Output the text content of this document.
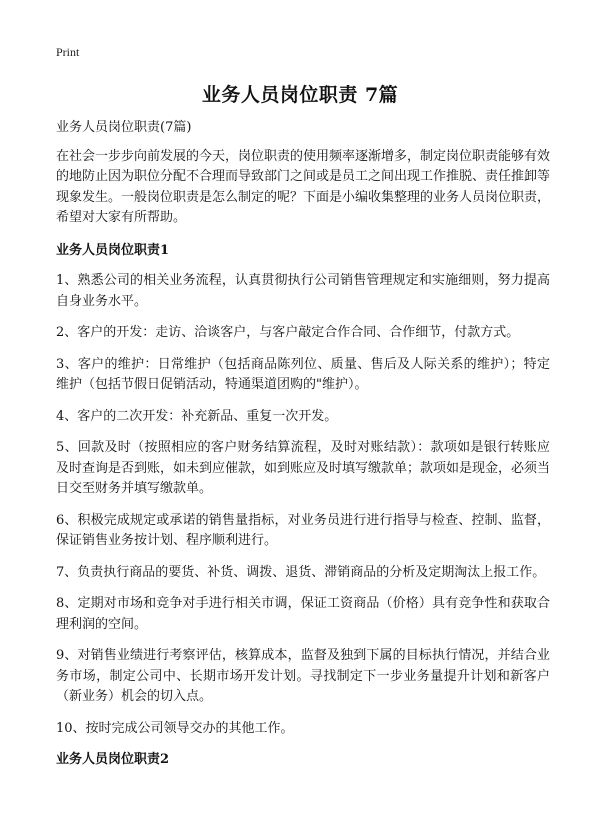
Print
业务人员岗位职责 7篇

业务人员岗位职责(7篇)

在社会一步步向前发展的今天，岗位职责的使用频率逐渐增多，制定岗位职责能够有效的地防止因为职位分配不合理而导致部门之间或是员工之间出现工作推脱、责任推卸等现象发生。一般岗位职责是怎么制定的呢？下面是小编收集整理的业务人员岗位职责，希望对大家有所帮助。

业务人员岗位职责1

1、熟悉公司的相关业务流程，认真贯彻执行公司销售管理规定和实施细则，努力提高自身业务水平。

2、客户的开发：走访、洽谈客户，与客户敲定合作合同、合作细节，付款方式。

3、客户的维护：日常维护（包括商品陈列位、质量、售后及人际关系的维护）；特定维护（包括节假日促销活动，特通渠道团购的"维护）。

4、客户的二次开发：补充新品、重复一次开发。

5、回款及时（按照相应的客户财务结算流程，及时对账结款）：款项如是银行转账应及时查询是否到账，如未到应催款，如到账应及时填写缴款单；款项如是现金，必须当日交至财务并填写缴款单。

6、积极完成规定或承诺的销售量指标，对业务员进行进行指导与检查、控制、监督，保证销售业务按计划、程序顺利进行。

7、负责执行商品的要货、补货、调拨、退货、滞销商品的分析及定期淘汰上报工作。

8、定期对市场和竞争对手进行相关市调，保证工资商品（价格）具有竞争性和获取合理利润的空间。

9、对销售业绩进行考察评估，核算成本，监督及独到下属的目标执行情况，并结合业务市场，制定公司中、长期市场开发计划。寻找制定下一步业务量提升计划和新客户（新业务）机会的切入点。

10、按时完成公司领导交办的其他工作。

业务人员岗位职责2
